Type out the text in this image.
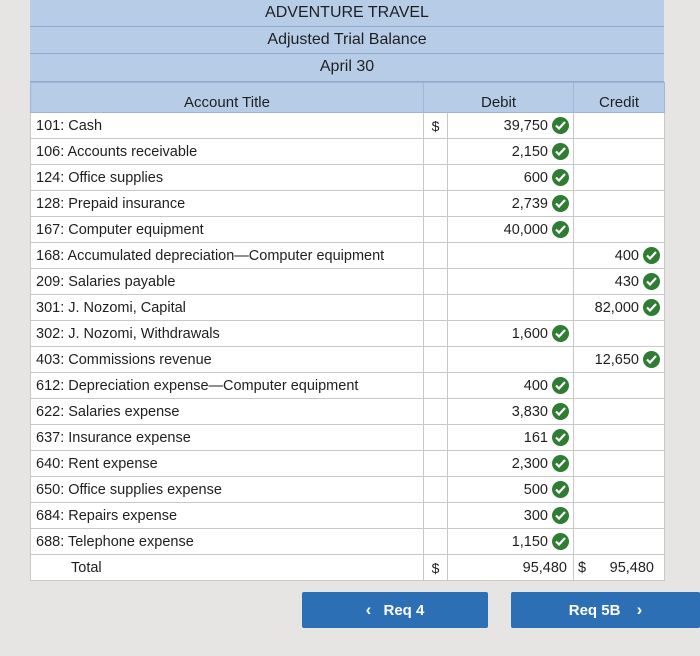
ADVENTURE TRAVEL
Adjusted Trial Balance
April 30
Account Title	Debit		Credit
101: Cash	$	39,750

106: Accounts receivable		2,150

124: Office supplies		600

128: Prepaid insurance		2,739

167: Computer equipment		40,000

168: Accumulated depreciation—Computer equipment			400

209: Salaries payable			430

301: J. Nozomi, Capital			82,000

302: J. Nozomi, Withdrawals		1,600

403: Commissions revenue			12,650

612: Depreciation expense—Computer equipment		400

622: Salaries expense		3,830

637: Insurance expense		161

640: Rent expense		2,300

650: Office supplies expense		500

684: Repairs expense		300

688: Telephone expense		1,150

Total	$	95,480	$ 95,480
‹ Req 4	Req 5B ›
